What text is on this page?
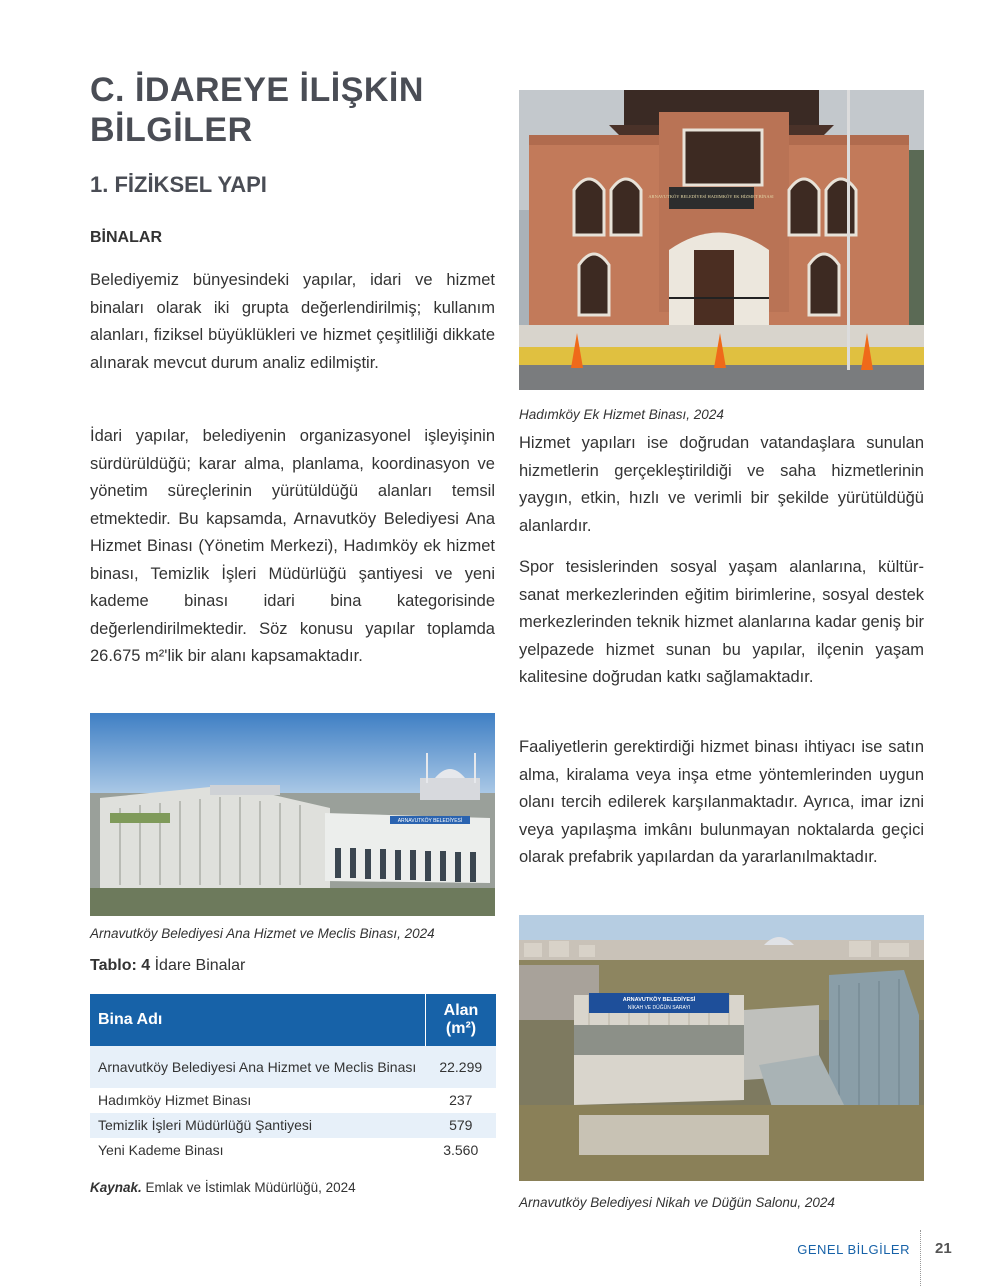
C. İDAREYE İLİŞKİN
BİLGİLER
1. FİZİKSEL YAPI
BİNALAR

Belediyemiz bünyesindeki yapılar, idari ve hizmet binaları olarak iki grupta değerlendirilmiş; kullanım alanları, fiziksel büyüklükleri ve hizmet çeşitliliği dikkate alınarak mevcut durum analiz edilmiştir.

İdari yapılar, belediyenin organizasyonel işleyişinin sürdürüldüğü; karar alma, planlama, koordinasyon ve yönetim süreçlerinin yürütüldüğü alanları temsil etmektedir. Bu kapsamda, Arnavutköy Belediyesi Ana Hizmet Binası (Yönetim Merkezi), Hadımköy ek hizmet binası, Temizlik İşleri Müdürlüğü şantiyesi ve yeni kademe binası idari bina kategorisinde değerlendirilmektedir. Söz konusu yapılar toplamda 26.675 m²'lik bir alanı kapsamaktadır.

ARNAVUTKÖY BELEDİYESİ HADIMKÖY EK HİZMET BİNASI
Hadımköy Ek Hizmet Binası, 2024

Hizmet yapıları ise doğrudan vatandaşlara sunulan hizmetlerin gerçekleştirildiği ve saha hizmetlerinin yaygın, etkin, hızlı ve verimli bir şekilde yürütüldüğü alanlardır.

Spor tesislerinden sosyal yaşam alanlarına, kültür-sanat merkezlerinden eğitim birimlerine, sosyal destek merkezlerinden teknik hizmet alanlarına kadar geniş bir yelpazede hizmet sunan bu yapılar, ilçenin yaşam kalitesine doğrudan katkı sağlamaktadır.

Faaliyetlerin gerektirdiği hizmet binası ihtiyacı ise satın alma, kiralama veya inşa etme yöntemlerinden uygun olanı tercih edilerek karşılanmaktadır. Ayrıca, imar izni veya yapılaşma imkânı bulunmayan noktalarda geçici olarak prefabrik yapılardan da yararlanılmaktadır.

ARNAVUTKÖY BELEDİYESİ
Arnavutköy Belediyesi Ana Hizmet ve Meclis Binası, 2024
Tablo: 4 İdare Binalar
Bina Adı	Alan
(m²)

Arnavutköy Belediyesi Ana Hizmet ve Meclis Binası	22.299
Hadımköy Hizmet Binası	237
Temizlik İşleri Müdürlüğü Şantiyesi	579
Yeni Kademe Binası	3.560
Kaynak. Emlak ve İstimlak Müdürlüğü, 2024
ARNAVUTKÖY BELEDİYESİ
NİKAH VE DÜĞÜN SARAYI
Arnavutköy Belediyesi Nikah ve Düğün Salonu, 2024
GENEL BİLGİLER 21
